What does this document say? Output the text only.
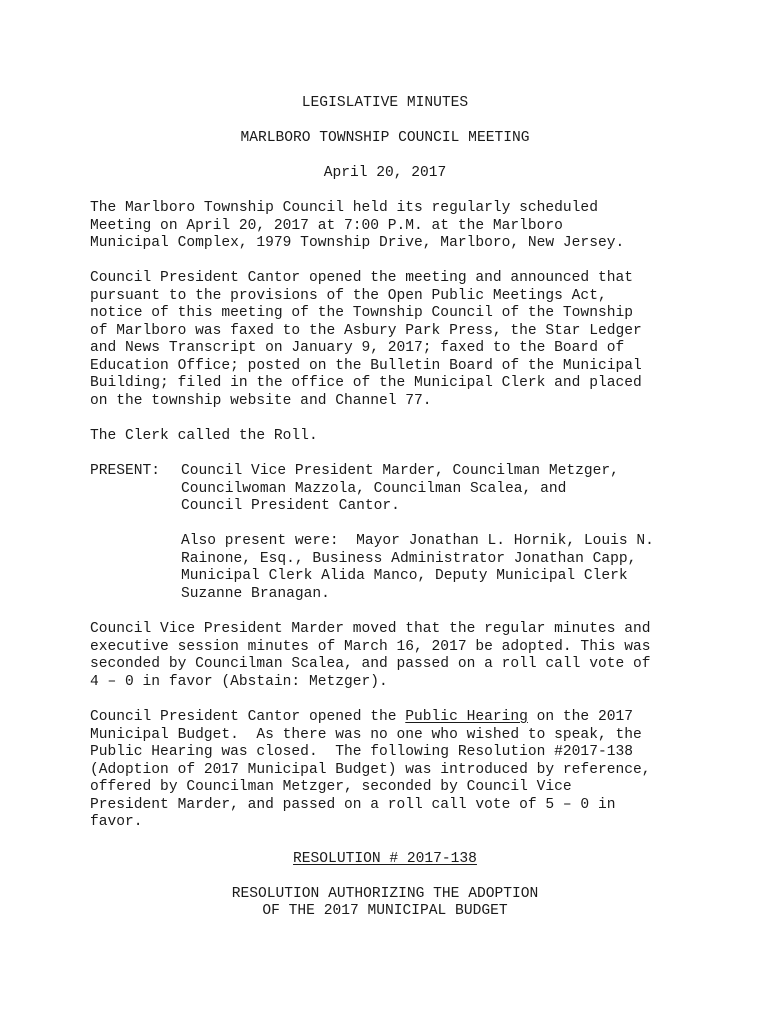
LEGISLATIVE MINUTES
MARLBORO TOWNSHIP COUNCIL MEETING
April 20, 2017
The Marlboro Township Council held its regularly scheduled
Meeting on April 20, 2017 at 7:00 P.M. at the Marlboro
Municipal Complex, 1979 Township Drive, Marlboro, New Jersey.
Council President Cantor opened the meeting and announced that
pursuant to the provisions of the Open Public Meetings Act,
notice of this meeting of the Township Council of the Township
of Marlboro was faxed to the Asbury Park Press, the Star Ledger
and News Transcript on January 9, 2017; faxed to the Board of
Education Office; posted on the Bulletin Board of the Municipal
Building; filed in the office of the Municipal Clerk and placed
on the township website and Channel 77.
The Clerk called the Roll.
PRESENT:	Council Vice President Marder, Councilman Metzger,
Councilwoman Mazzola, Councilman Scalea, and
Council President Cantor.
Also present were:  Mayor Jonathan L. Hornik, Louis N.
Rainone, Esq., Business Administrator Jonathan Capp,
Municipal Clerk Alida Manco, Deputy Municipal Clerk
Suzanne Branagan.
Council Vice President Marder moved that the regular minutes and
executive session minutes of March 16, 2017 be adopted. This was
seconded by Councilman Scalea, and passed on a roll call vote of
4 – 0 in favor (Abstain: Metzger).
Council President Cantor opened the Public Hearing on the 2017
Municipal Budget.  As there was no one who wished to speak, the
Public Hearing was closed.  The following Resolution #2017-138
(Adoption of 2017 Municipal Budget) was introduced by reference,
offered by Councilman Metzger, seconded by Council Vice
President Marder, and passed on a roll call vote of 5 – 0 in
favor.
RESOLUTION # 2017-138
RESOLUTION AUTHORIZING THE ADOPTION
OF THE 2017 MUNICIPAL BUDGET
